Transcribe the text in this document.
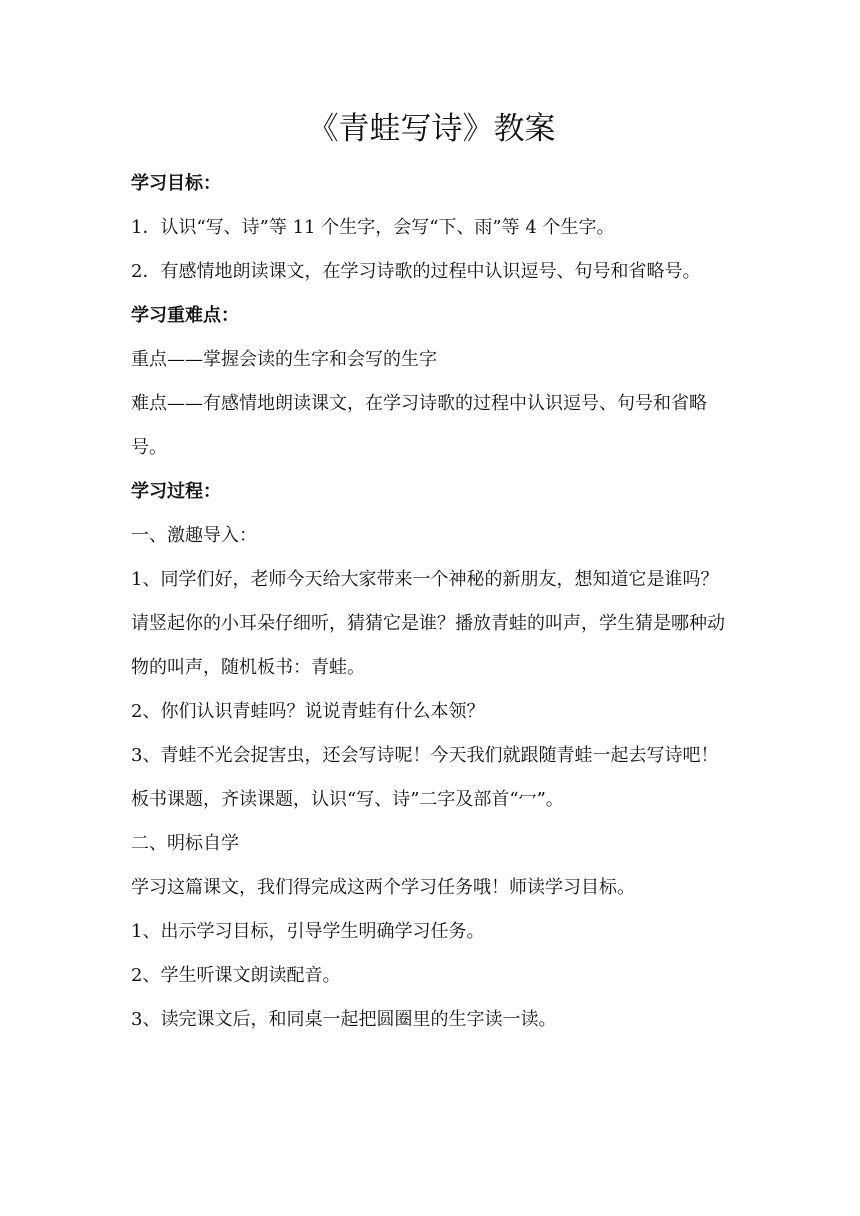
《青蛙写诗》教案

学习目标：

1．认识“写、诗”等 11 个生字，会写“下、雨”等 4 个生字。

2．有感情地朗读课文，在学习诗歌的过程中认识逗号、句号和省略号。

学习重难点：

重点——掌握会读的生字和会写的生字

难点——有感情地朗读课文，在学习诗歌的过程中认识逗号、句号和省略号。

学习过程：

一、激趣导入：

1、同学们好，老师今天给大家带来一个神秘的新朋友，想知道它是谁吗？请竖起你的小耳朵仔细听，猜猜它是谁？播放青蛙的叫声，学生猜是哪种动物的叫声，随机板书：青蛙。

2、你们认识青蛙吗？说说青蛙有什么本领？

3、青蛙不光会捉害虫，还会写诗呢！今天我们就跟随青蛙一起去写诗吧！板书课题，齐读课题，认识“写、诗”二字及部首“冖”。

二、明标自学

学习这篇课文，我们得完成这两个学习任务哦！师读学习目标。

1、出示学习目标，引导学生明确学习任务。

2、学生听课文朗读配音。

3、读完课文后，和同桌一起把圆圈里的生字读一读。
